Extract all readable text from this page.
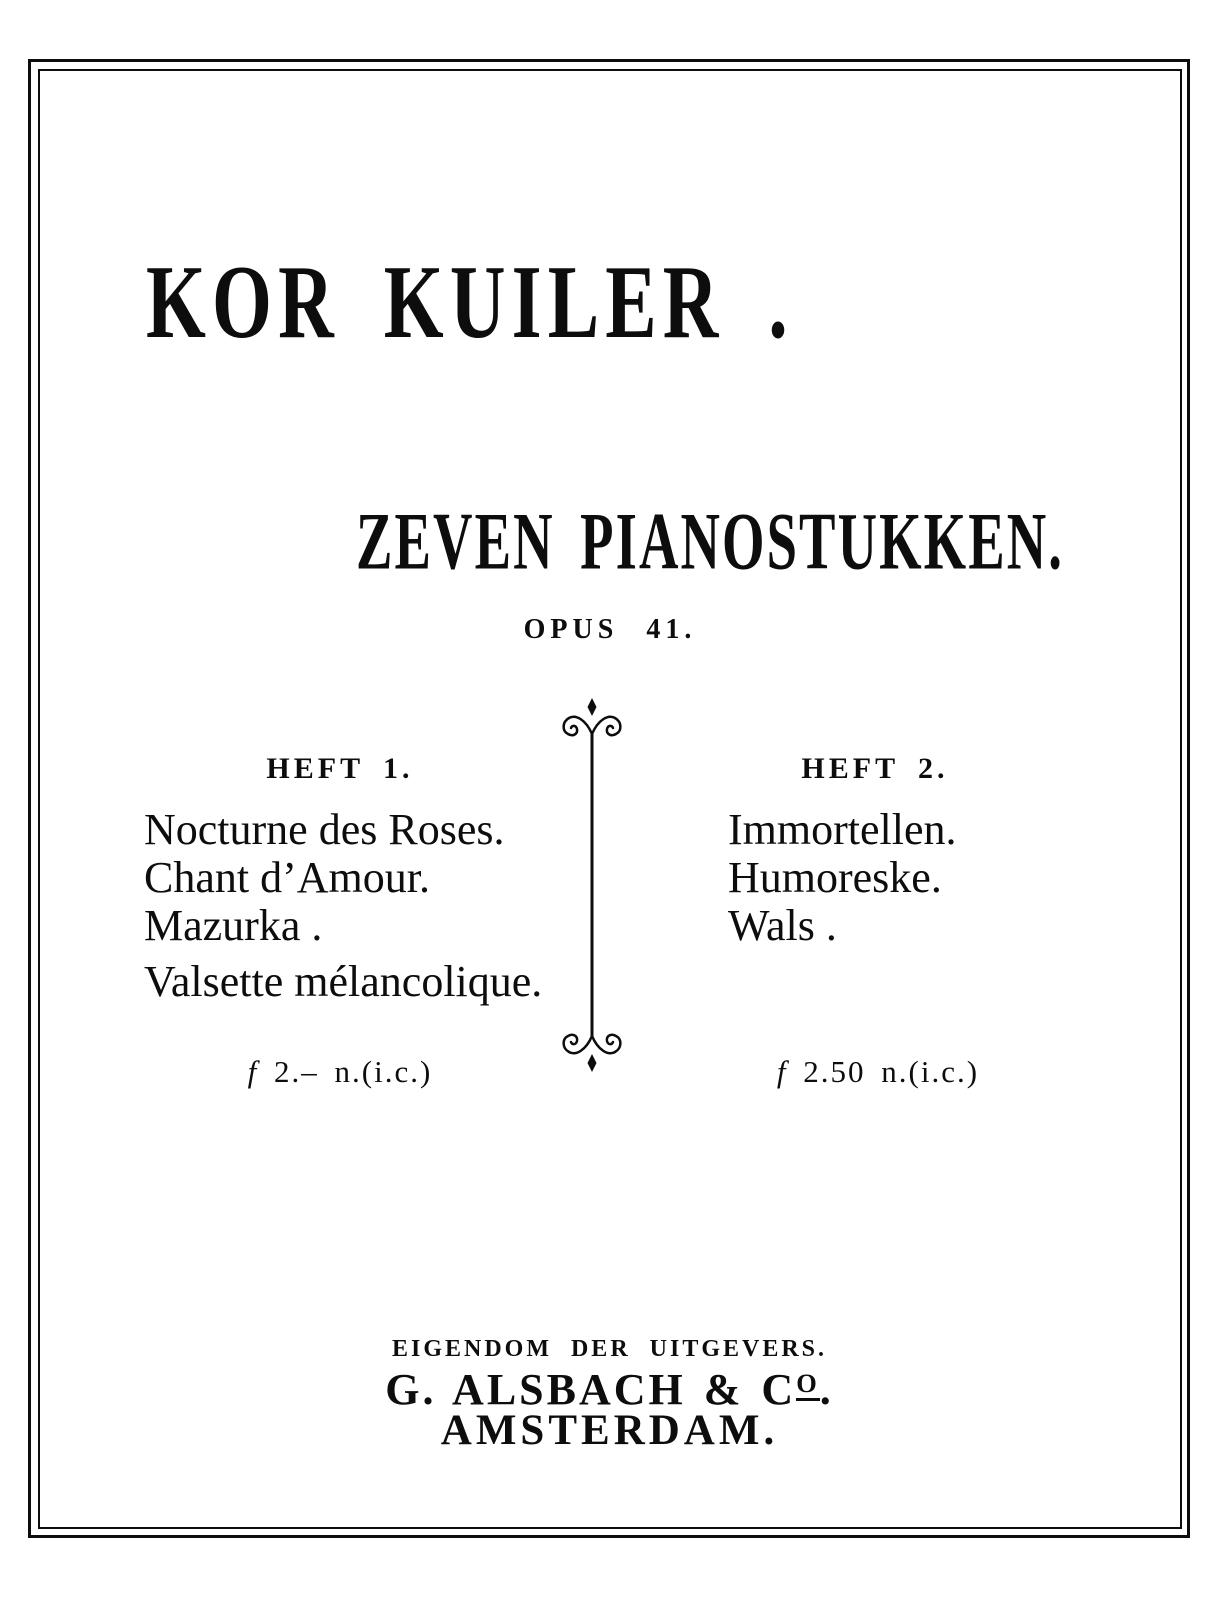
KOR KUILER .
ZEVEN PIANOSTUKKEN.
OPUS 41.
HEFT 1.
Nocturne des Roses.
Chant d’Amour.
Mazurka .
Valsette mélancolique.
f 2.– n.(i.c.)
HEFT 2.
Immortellen.
Humoreske.
Wals .
f 2.50 n.(i.c.)
EIGENDOM DER UITGEVERS.
G. ALSBACH & CO.
AMSTERDAM.
